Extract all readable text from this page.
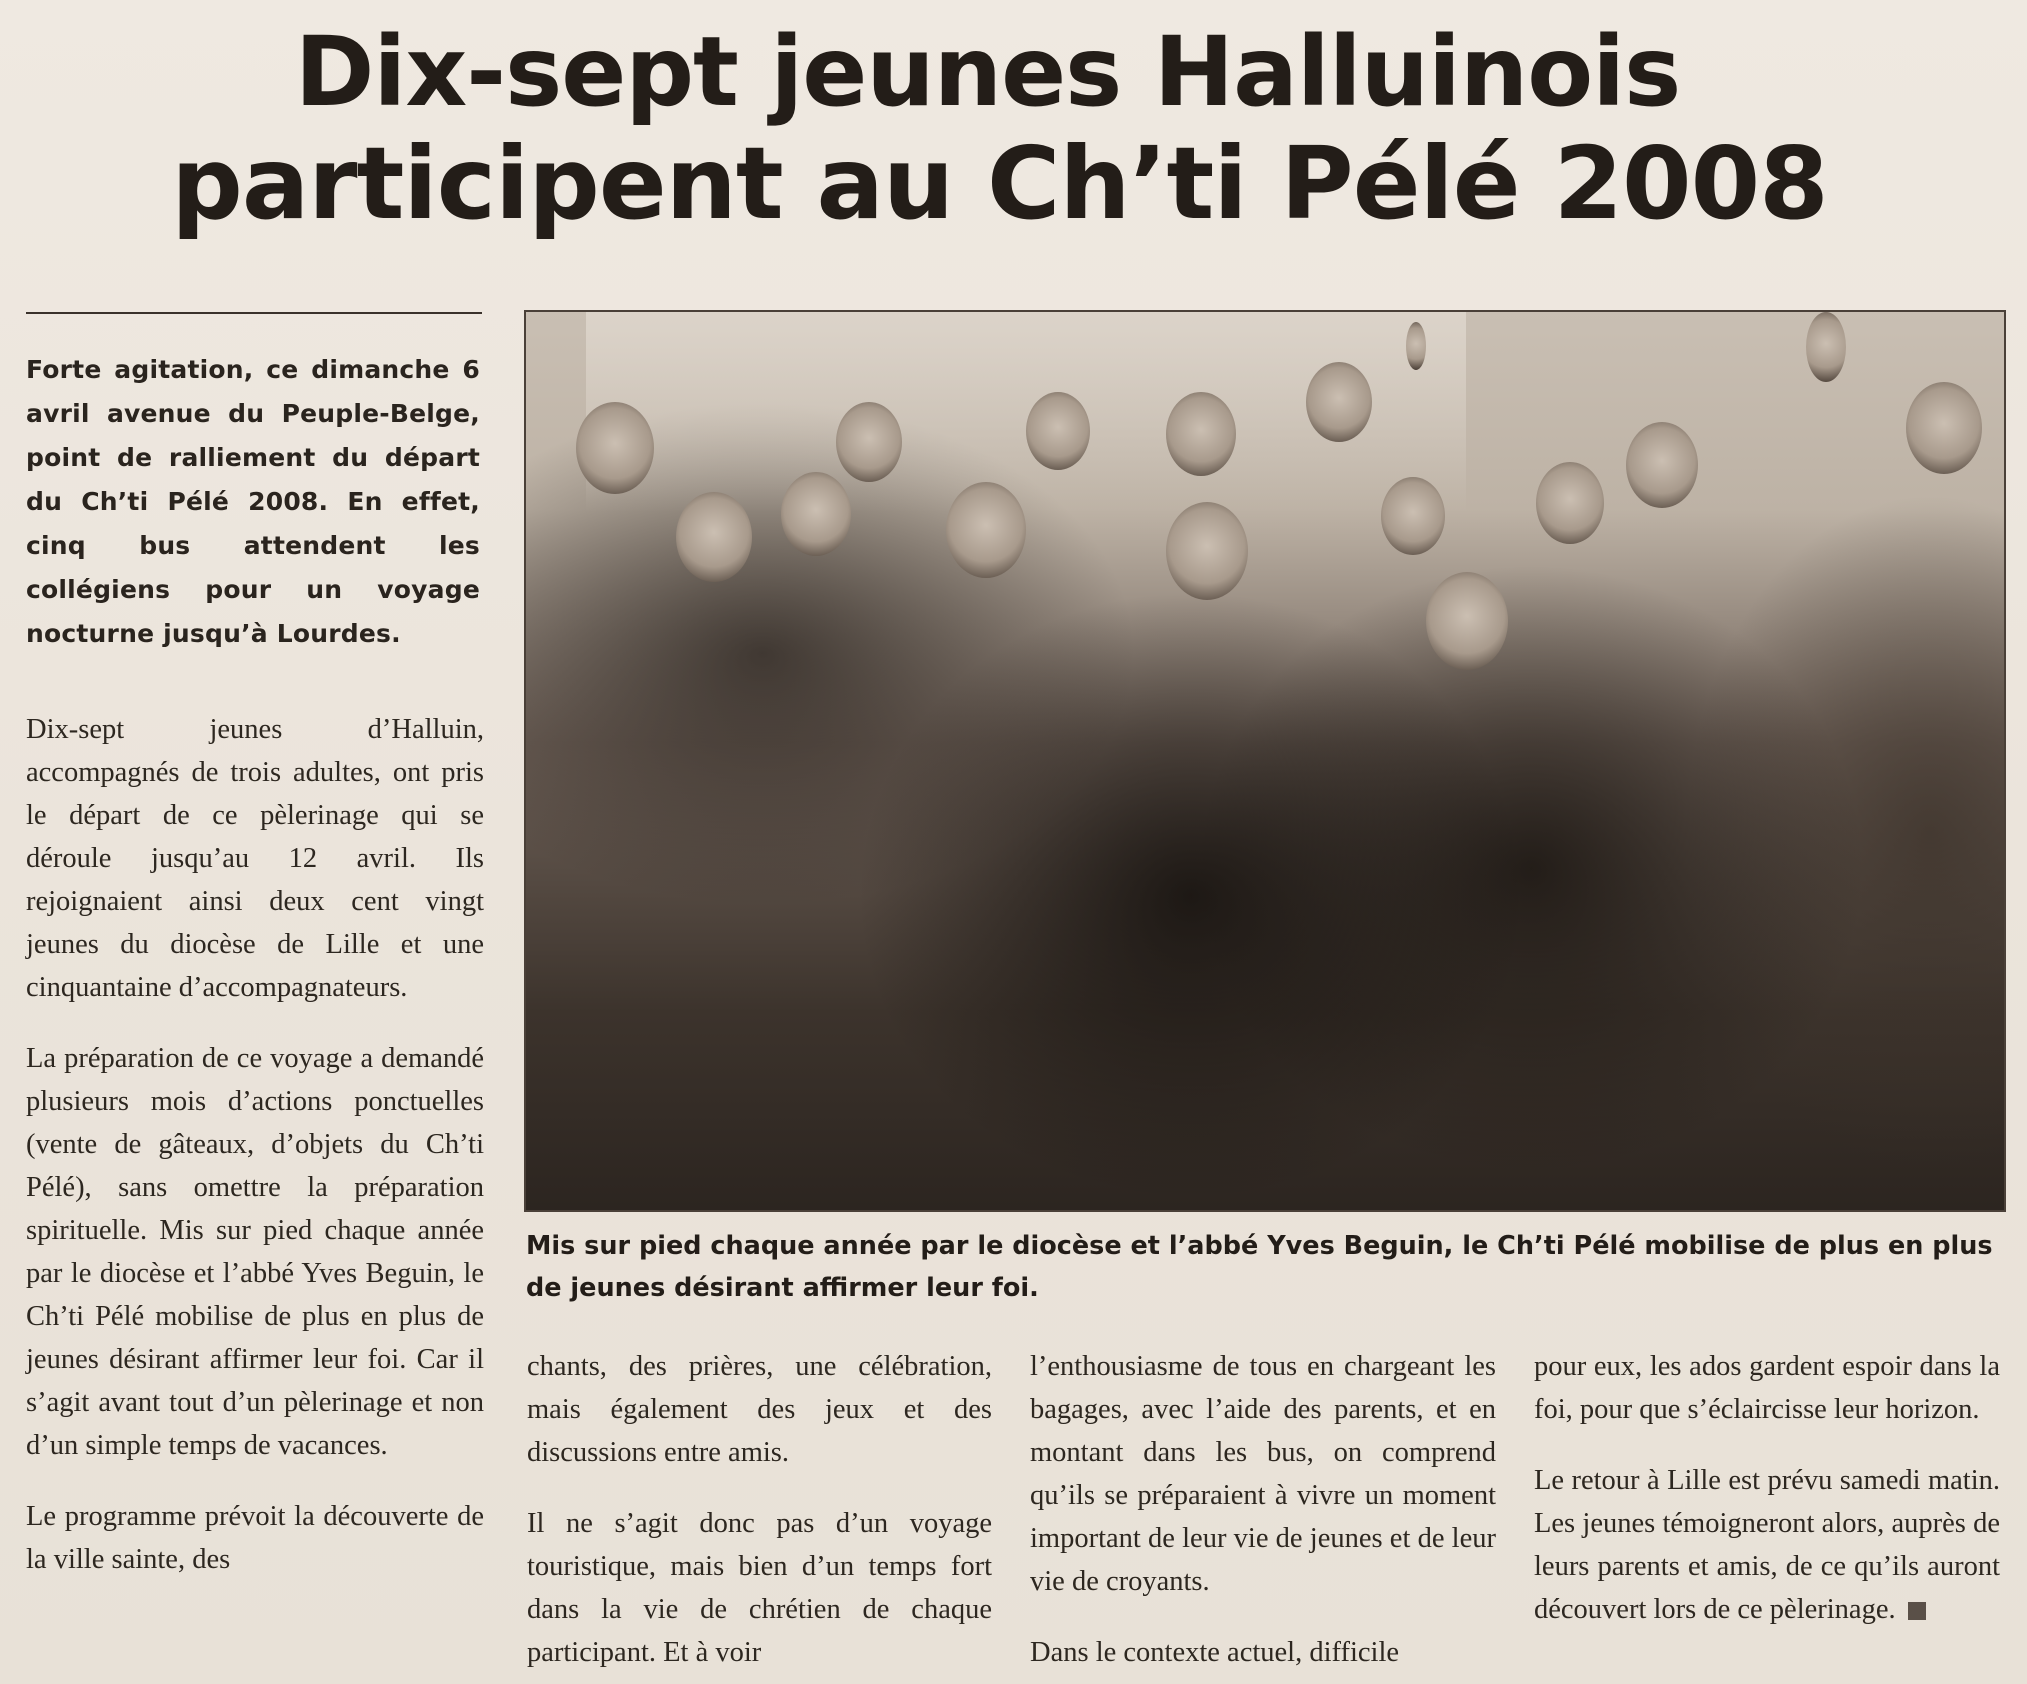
Dix-sept jeunes Halluinois
participent au Ch’ti Pélé 2008

Forte agitation, ce dimanche 6 avril avenue du Peuple-Belge, point de ralliement du départ du Ch’ti Pélé 2008. En effet, cinq bus attendent les collégiens pour un voyage nocturne jusqu’à Lourdes.

Dix-sept jeunes d’Halluin, accompagnés de trois adultes, ont pris le départ de ce pèlerinage qui se déroule jusqu’au 12 avril. Ils rejoignaient ainsi deux cent vingt jeunes du diocèse de Lille et une cinquantaine d’accompagnateurs.

La préparation de ce voyage a demandé plusieurs mois d’actions ponctuelles (vente de gâteaux, d’objets du Ch’ti Pélé), sans omettre la préparation spirituelle. Mis sur pied chaque année par le diocèse et l’abbé Yves Beguin, le Ch’ti Pélé mobilise de plus en plus de jeunes désirant affirmer leur foi. Car il s’agit avant tout d’un pèlerinage et non d’un simple temps de vacances.

Le programme prévoit la découverte de la ville sainte, des

Mis sur pied chaque année par le diocèse et l’abbé Yves Beguin, le Ch’ti Pélé mobilise de plus en plus de jeunes désirant affirmer leur foi.

chants, des prières, une célébration, mais également des jeux et des discussions entre amis.

Il ne s’agit donc pas d’un voyage touristique, mais bien d’un temps fort dans la vie de chrétien de chaque participant. Et à voir

l’enthousiasme de tous en chargeant les bagages, avec l’aide des parents, et en montant dans les bus, on comprend qu’ils se préparaient à vivre un moment important de leur vie de jeunes et de leur vie de croyants.

Dans le contexte actuel, difficile

pour eux, les ados gardent espoir dans la foi, pour que s’éclaircisse leur horizon.

Le retour à Lille est prévu samedi matin. Les jeunes témoigneront alors, auprès de leurs parents et amis, de ce qu’ils auront découvert lors de ce pèlerinage.
